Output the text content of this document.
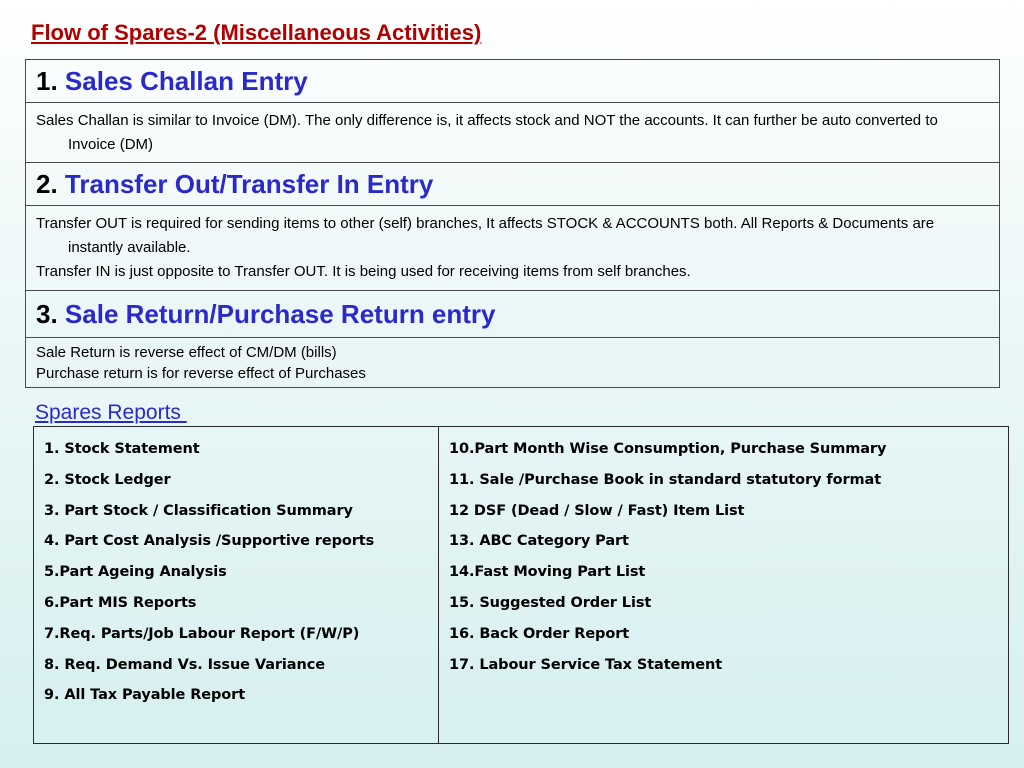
Flow of Spares-2 (Miscellaneous Activities)
1. Sales Challan Entry

Sales Challan is similar to Invoice (DM). The only difference is, it affects stock and NOT the accounts. It can further be auto converted to Invoice (DM)

2. Transfer Out/Transfer In Entry

Transfer OUT is required for sending items to other (self) branches, It affects STOCK & ACCOUNTS both. All Reports & Documents are instantly available.
Transfer IN is just opposite to Transfer OUT. It is being used for receiving items from self branches.

3. Sale Return/Purchase Return entry

Sale Return is reverse effect of CM/DM (bills)
Purchase return is for reverse effect of Purchases
Spares Reports
1. Stock Statement
2. Stock Ledger
3. Part Stock / Classification Summary
4. Part Cost Analysis /Supportive reports
5.Part Ageing Analysis
6.Part MIS Reports
7.Req. Parts/Job Labour Report (F/W/P)
8. Req. Demand Vs. Issue Variance
9. All Tax Payable Report

10.Part Month Wise Consumption, Purchase Summary
11. Sale /Purchase Book in standard statutory format
12 DSF (Dead / Slow / Fast) Item List
13. ABC Category Part
14.Fast Moving Part List
15. Suggested Order List
16. Back Order Report
17. Labour Service Tax Statement
